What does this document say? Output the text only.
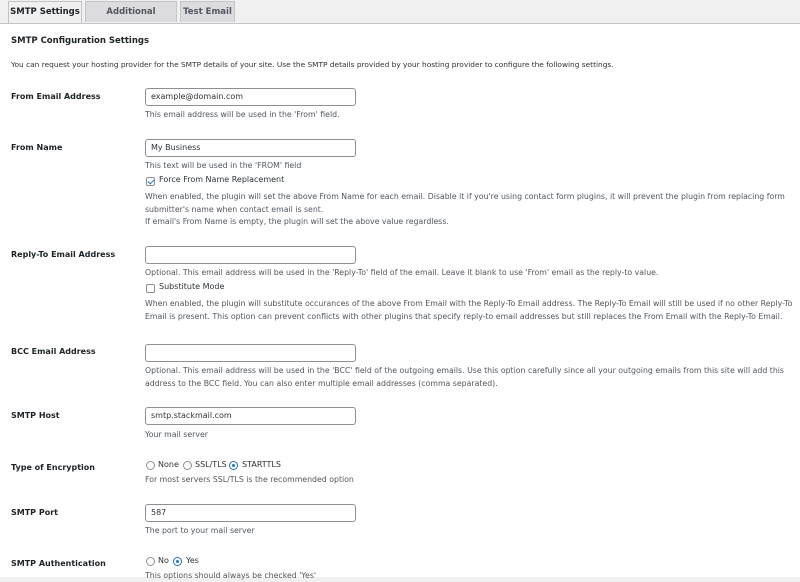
SMTP Settings	Additional	Test Email
SMTP Configuration Settings
You can request your hosting provider for the SMTP details of your site. Use the SMTP details provided by your hosting provider to configure the following settings.
From Email Address	example@domain.com
This email address will be used in the 'From' field.
From Name	My Business
This text will be used in the 'FROM' field
Force From Name Replacement
When enabled, the plugin will set the above From Name for each email. Disable it if you're using contact form plugins, it will prevent the plugin from replacing form
submitter's name when contact email is sent.
If email's From Name is empty, the plugin will set the above value regardless.
Reply-To Email Address
Optional. This email address will be used in the 'Reply-To' field of the email. Leave it blank to use 'From' email as the reply-to value.
Substitute Mode
When enabled, the plugin will substitute occurances of the above From Email with the Reply-To Email address. The Reply-To Email will still be used if no other Reply-To
Email is present. This option can prevent conflicts with other plugins that specify reply-to email addresses but still replaces the From Email with the Reply-To Email.
BCC Email Address
Optional. This email address will be used in the 'BCC' field of the outgoing emails. Use this option carefully since all your outgoing emails from this site will add this
address to the BCC field. You can also enter multiple email addresses (comma separated).
SMTP Host	smtp.stackmail.com
Your mail server
Type of Encryption	None SSL/TLS STARTTLS
For most servers SSL/TLS is the recommended option
SMTP Port	587
The port to your mail server
SMTP Authentication	No Yes
This options should always be checked 'Yes'
